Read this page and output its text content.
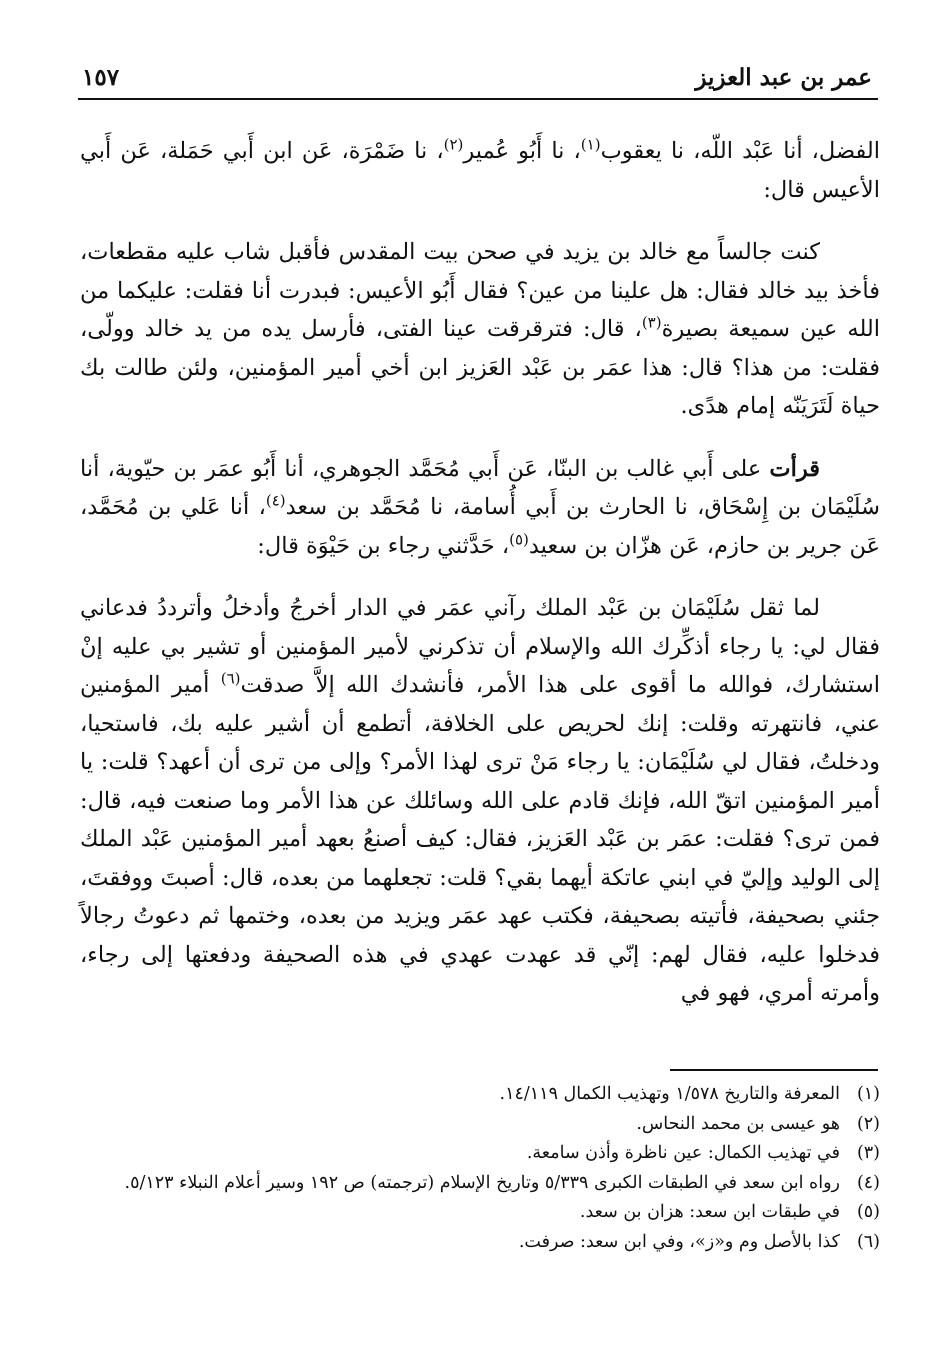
عمر بن عبد العزيز
١٥٧

الفضل، أنا عَبْد اللّه، نا يعقوب$^{(١)}$، نا أَبُو عُمير$^{(٢)}$، نا ضَمْرَة، عَن ابن أَبي حَمَلة، عَن أَبي الأعيس قال:

كنت جالساً مع خالد بن يزيد في صحن بيت المقدس فأقبل شاب عليه مقطعات، فأخذ بيد خالد فقال: هل علينا من عين؟ فقال أَبُو الأعيس: فبدرت أنا فقلت: عليكما من الله عين سميعة بصيرة$^{(٣)}$، قال: فترقرقت عينا الفتى، فأرسل يده من يد خالد وولّى، فقلت: من هذا؟ قال: هذا عمَر بن عَبْد العَزيز ابن أخي أمير المؤمنين، ولئن طالت بك حياة لَتَرَيَنّه إمام هدًى.

قرأت على أَبي غالب بن البنّا، عَن أَبي مُحَمَّد الجوهري، أنا أَبُو عمَر بن حيّوية، أنا سُلَيْمَان بن إِسْحَاق، نا الحارث بن أَبي أُسامة، نا مُحَمَّد بن سعد$^{(٤)}$، أنا عَلي بن مُحَمَّد، عَن جرير بن حازم، عَن هزّان بن سعيد$^{(٥)}$، حَدَّثني رجاء بن حَيْوَة قال:

لما ثقل سُلَيْمَان بن عَبْد الملك رآني عمَر في الدار أخرجُ وأدخلُ وأترددُ فدعاني فقال لي: يا رجاء أذكِّرك الله والإسلام أن تذكرني لأمير المؤمنين أو تشير بي عليه إنْ استشارك، فوالله ما أقوى على هذا الأمر، فأنشدك الله إلاَّ صدقت$^{(٦)}$ أمير المؤمنين عني، فانتهرته وقلت: إنك لحريص على الخلافة، أتطمع أن أشير عليه بك، فاستحيا، ودخلتُ، فقال لي سُلَيْمَان: يا رجاء مَنْ ترى لهذا الأمر؟ وإلى من ترى أن أعهد؟ قلت: يا أمير المؤمنين اتقّ الله، فإنك قادم على الله وسائلك عن هذا الأمر وما صنعت فيه، قال: فمن ترى؟ فقلت: عمَر بن عَبْد العَزيز، فقال: كيف أصنعُ بعهد أمير المؤمنين عَبْد الملك إلى الوليد وإليّ في ابني عاتكة أيهما بقي؟ قلت: تجعلهما من بعده، قال: أصبتَ ووفقتَ، جئني بصحيفة، فأتيته بصحيفة، فكتب عهد عمَر ويزيد من بعده، وختمها ثم دعوتُ رجالاً فدخلوا عليه، فقال لهم: إنّي قد عهدت عهدي في هذه الصحيفة ودفعتها إلى رجاء، وأمرته أمري، فهو في

(١)المعرفة والتاريخ ١/٥٧٨ وتهذيب الكمال ١٤/١١٩.

(٢)هو عيسى بن محمد النحاس.

(٣)في تهذيب الكمال: عين ناظرة وأذن سامعة.

(٤)رواه ابن سعد في الطبقات الكبرى ٥/٣٣٩ وتاريخ الإسلام (ترجمته) ص ١٩٢ وسير أعلام النبلاء ٥/١٢٣.

(٥)في طبقات ابن سعد: هزان بن سعد.

(٦)كذا بالأصل وم و«ز»، وفي ابن سعد: صرفت.
